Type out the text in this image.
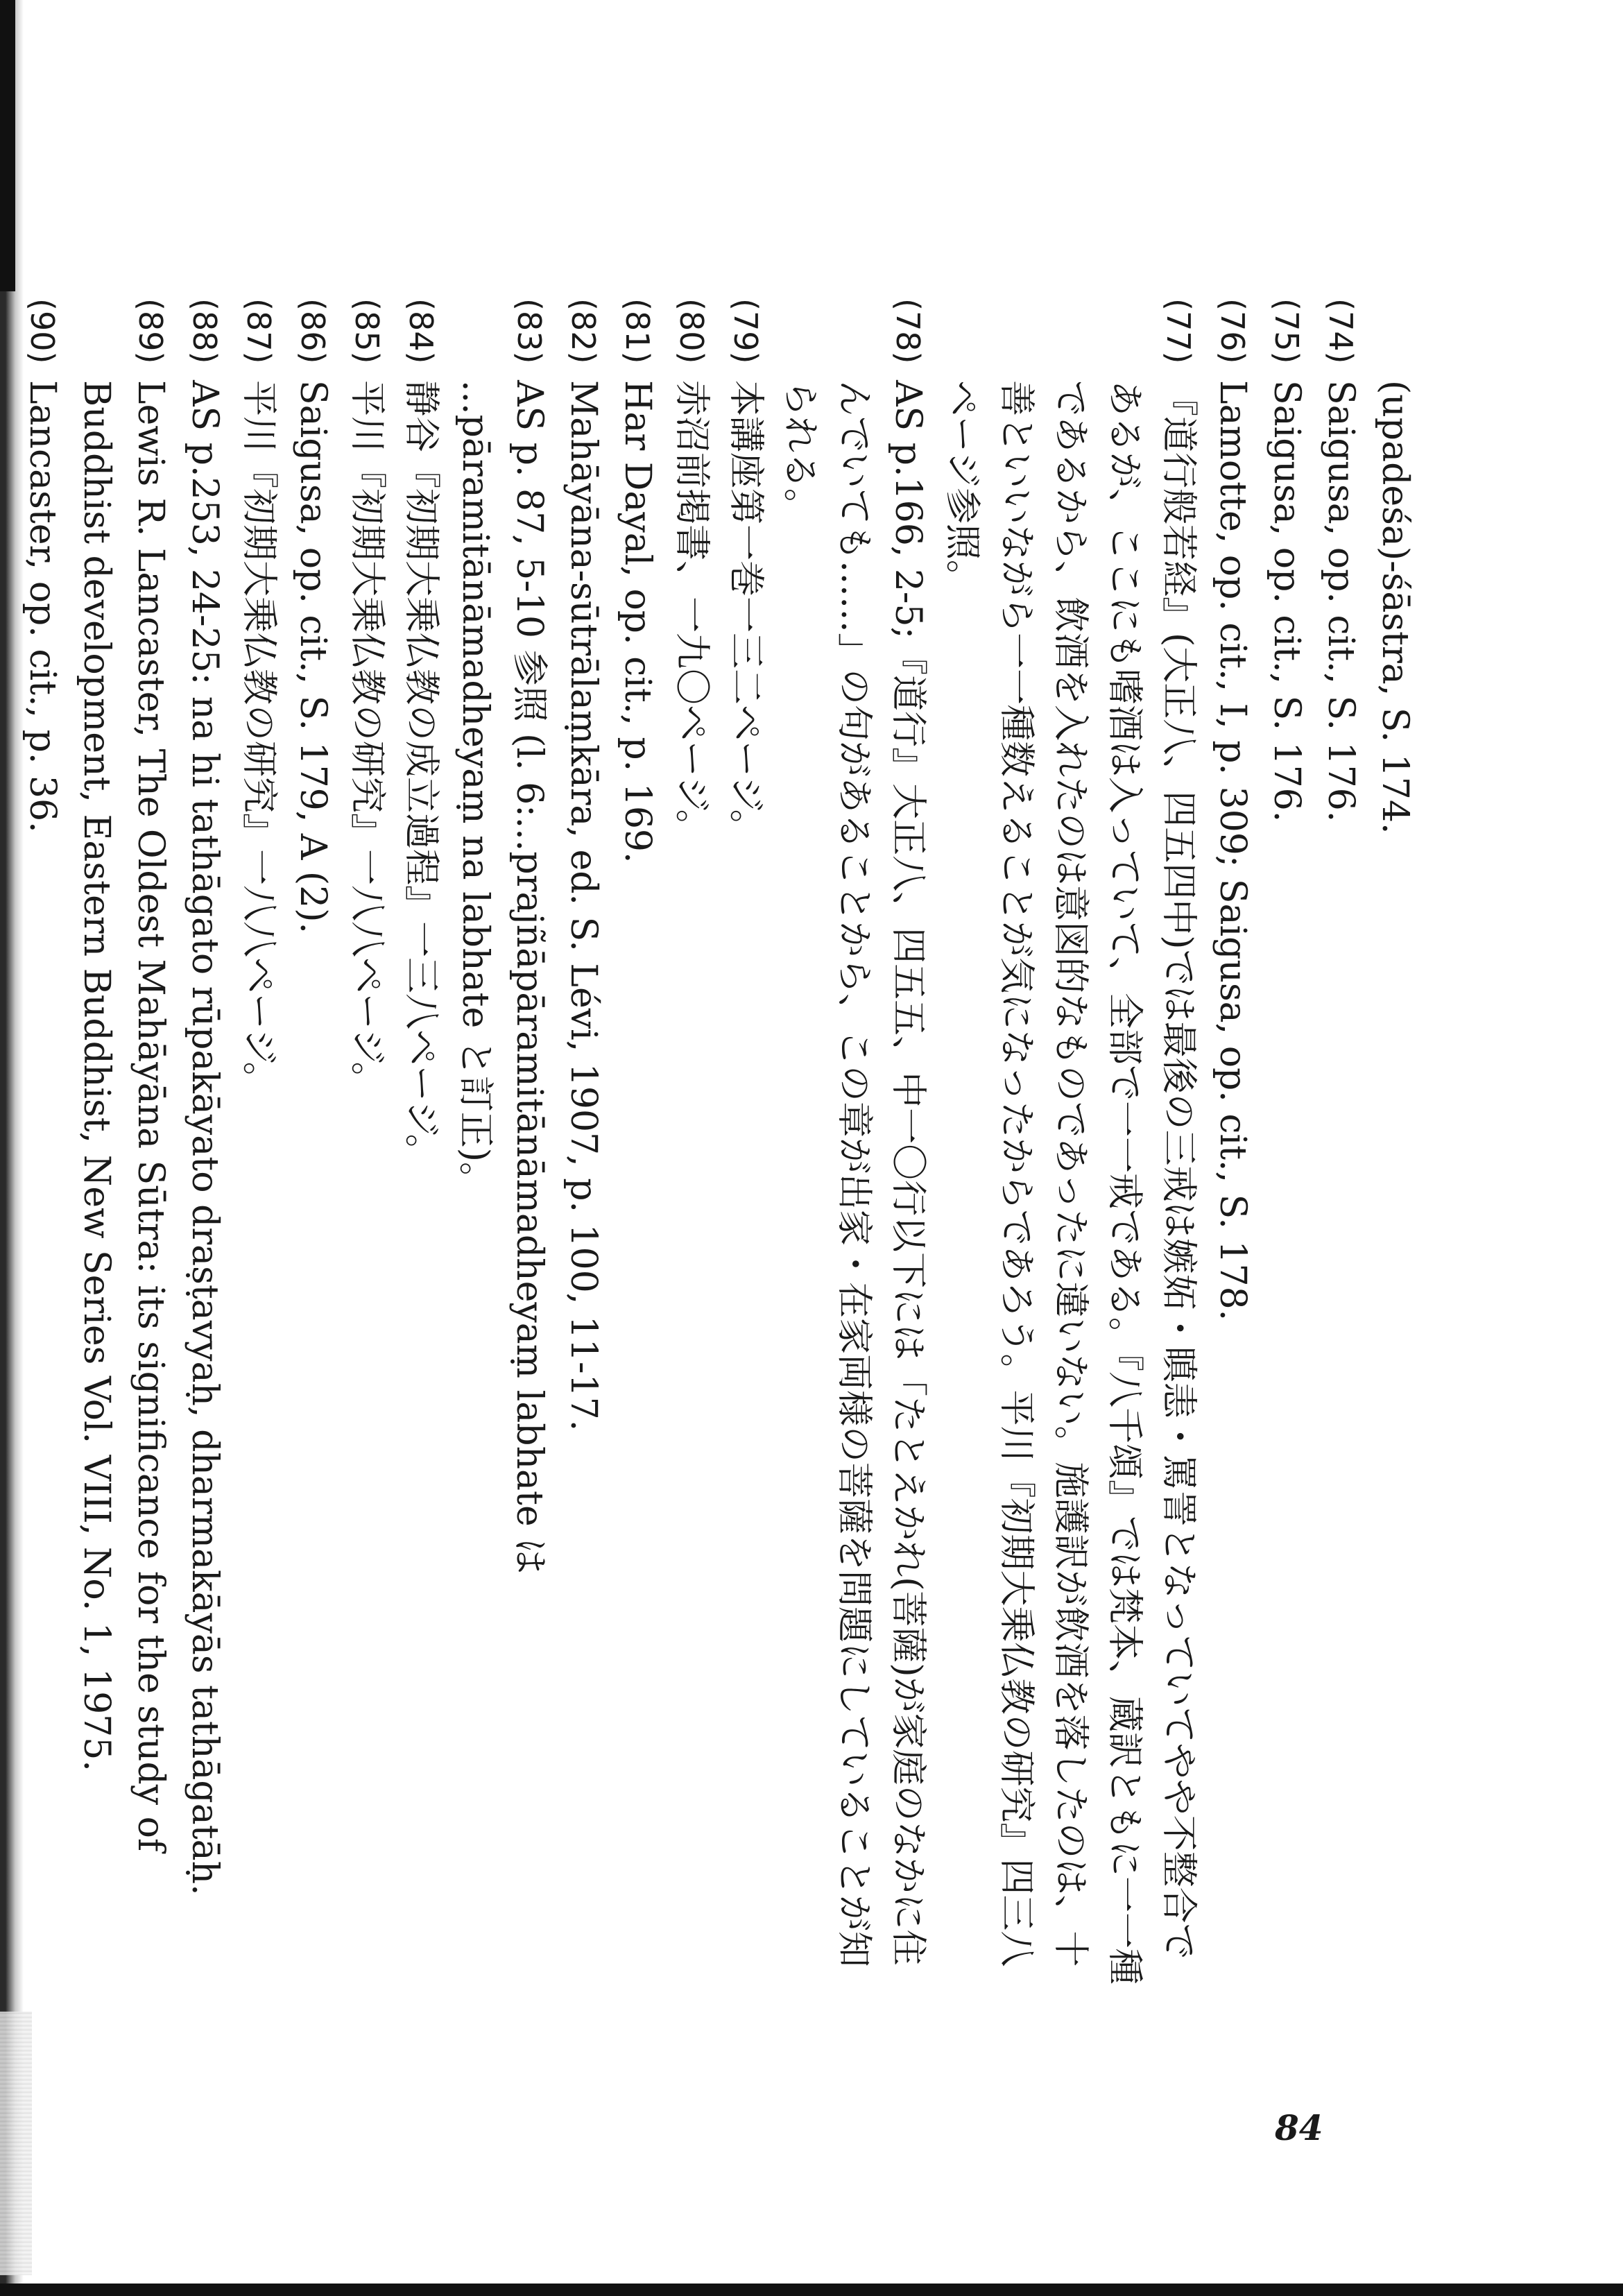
(upadeśa)-śāstra, S. 174.
(74)
Saigusa, op. cit., S. 176.
(75)
Saigusa, op. cit., S. 176.
(76)
Lamotte, op. cit., I, p. 309; Saigusa, op. cit., S. 178.
(77)
『道行般若経』(大正八、四五四中)では最後の三戒は嫉妬・瞋恚・罵詈となっていてやや不整合であるが、ここにも嗜酒は入っていて、全部で一一戒である。『八千頌』では梵本、蔵訳ともに一一種であるから、飲酒を入れたのは意図的なものであったに違いない。施護訳が飲酒を落したのは、十善といいながら一一種数えることが気になったからであろう。平川『初期大乗仏教の研究』四三八ページ参照。
(78)
AS p.166, 2-5;『道行』大正八、四五五、中一〇行以下には「たとえかれ(菩薩)が家庭のなかに住んでいても……」の句があることから、この章が出家・在家両様の菩薩を問題にしていることが知られる。
(79)
本講座第一巻一三二ページ。
(80)
赤沼前掲書、一九〇ページ。
(81)
Har Dayal, op. cit., p. 169.
(82)
Mahāyāna-sūtrālaṃkāra, ed. S. Lévi, 1907, p. 100, 11-17.
(83)
AS p. 87, 5-10 参照 (l. 6:...prajñāpāramitānāmadheyaṃ labhate は ...pāramitānāmadheyaṃ na labhate と訂正)。
(84)
静谷『初期大乗仏教の成立過程』一三八ページ。
(85)
平川『初期大乗仏教の研究』一八八ページ。
(86)
Saigusa, op. cit., S. 179, A (2).
(87)
平川『初期大乗仏教の研究』一八八ページ。
(88)
AS p.253, 24-25: na hi tathāgato rūpakāyato draṣṭavyaḥ, dharmakāyās tathāgatāḥ.
(89)
Lewis R. Lancaster, The Oldest Mahāyāna Sūtra: its significance for the study of Buddhist development, Eastern Buddhist, New Series Vol. VIII, No. 1, 1975.
(90)
Lancaster, op. cit., p. 36.
84
